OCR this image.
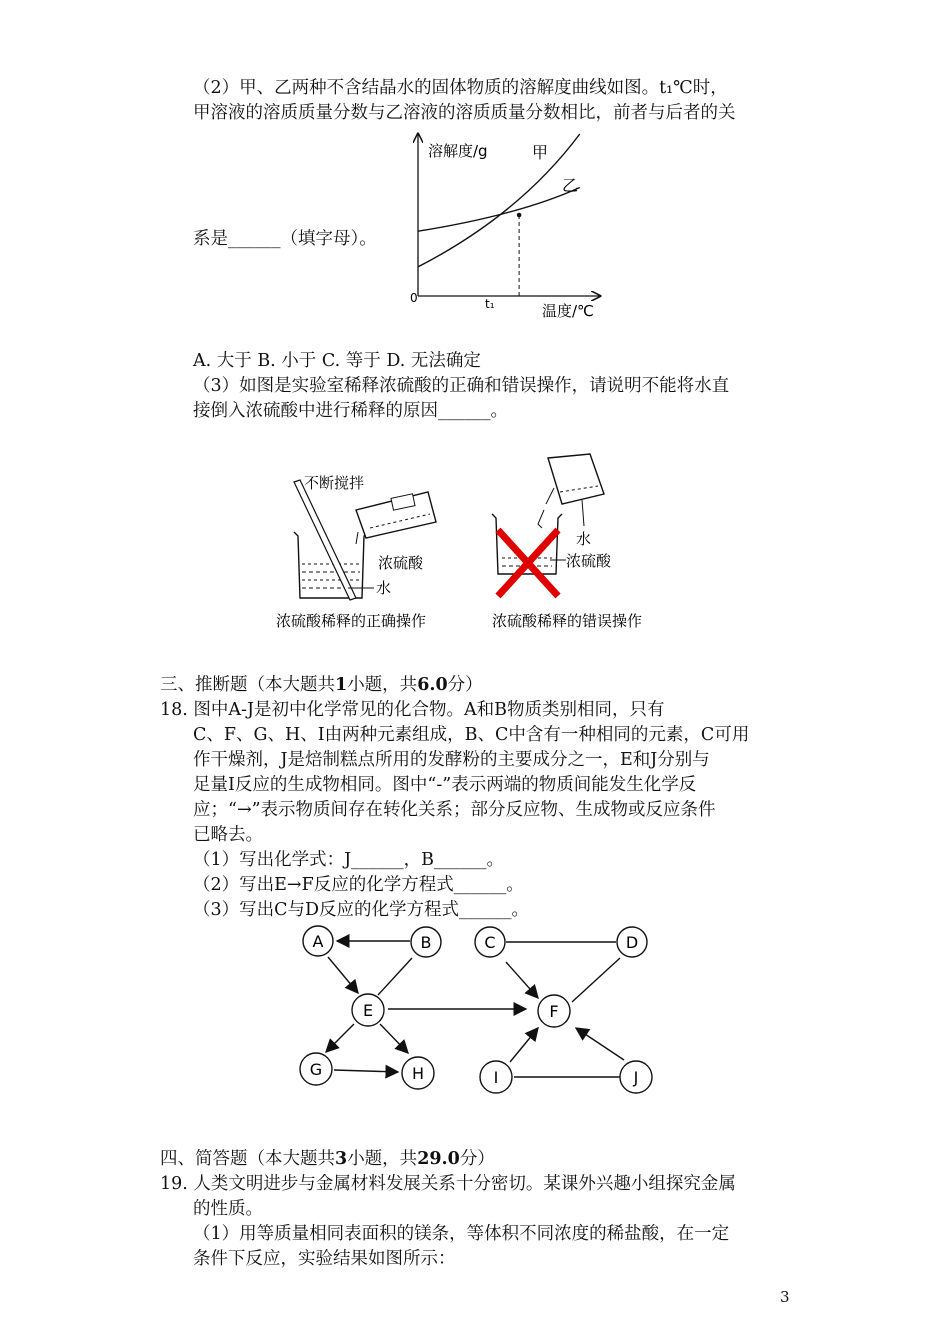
（2）甲、乙两种不含结晶水的固体物质的溶解度曲线如图。t₁℃时，
甲溶液的溶质质量分数与乙溶液的溶质质量分数相比，前者与后者的关
系是______（填字母）。
溶解度/g
温度/℃
0	t₁
甲
乙
A. 大于 B. 小于 C. 等于 D. 无法确定
（3）如图是实验室稀释浓硫酸的正确和错误操作，请说明不能将水直
接倒入浓硫酸中进行稀释的原因______。
不断搅拌
浓硫酸
水
浓硫酸稀释的正确操作
水
浓硫酸
浓硫酸稀释的错误操作
三、推断题（本大题共1小题，共6.0分）
18. 图中A-J是初中化学常见的化合物。A和B物质类别相同，只有
C、F、G、H、I由两种元素组成，B、C中含有一种相同的元素，C可用
作干燥剂，J是焙制糕点所用的发酵粉的主要成分之一，E和J分别与
足量I反应的生成物相同。图中“-”表示两端的物质间能发生化学反
应；“→”表示物质间存在转化关系；部分反应物、生成物或反应条件
已略去。
（1）写出化学式：J______，B______。
（2）写出E→F反应的化学方程式______。
（3）写出C与D反应的化学方程式______。
A	B	C	D
E	F
G	H	I	J
四、简答题（本大题共3小题，共29.0分）
19. 人类文明进步与金属材料发展关系十分密切。某课外兴趣小组探究金属
的性质。
（1）用等质量相同表面积的镁条，等体积不同浓度的稀盐酸，在一定
条件下反应，实验结果如图所示：
3
